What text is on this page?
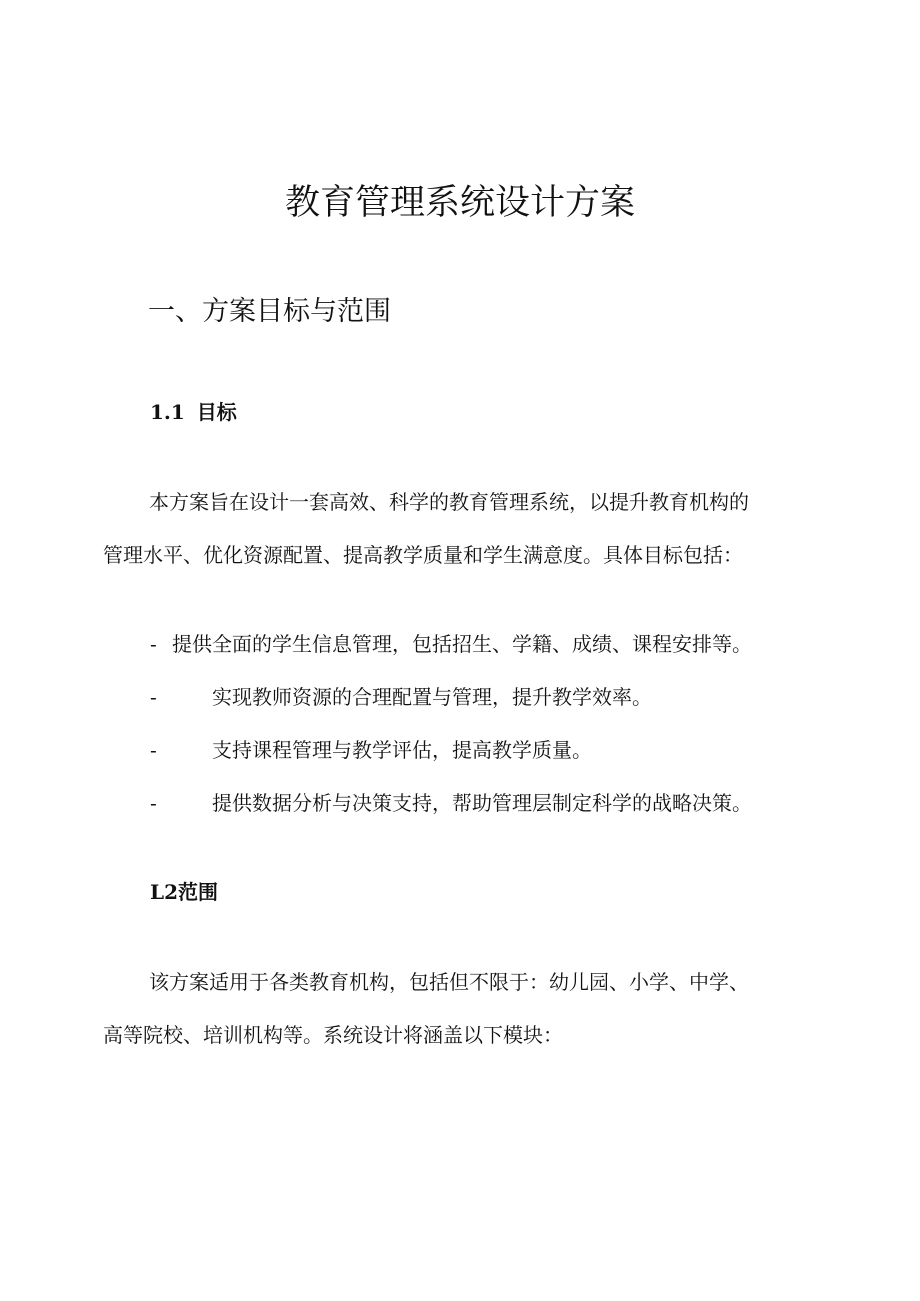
教育管理系统设计方案
一、方案目标与范围
1.1 目标
本方案旨在设计一套高效、科学的教育管理系统，以提升教育机构的
管理水平、优化资源配置、提高教学质量和学生满意度。具体目标包括：
- 提供全面的学生信息管理，包括招生、学籍、成绩、课程安排等。
-	实现教师资源的合理配置与管理，提升教学效率。
-	支持课程管理与教学评估，提高教学质量。
-	提供数据分析与决策支持，帮助管理层制定科学的战略决策。
L2范围
该方案适用于各类教育机构，包括但不限于：幼儿园、小学、中学、
高等院校、培训机构等。系统设计将涵盖以下模块：
